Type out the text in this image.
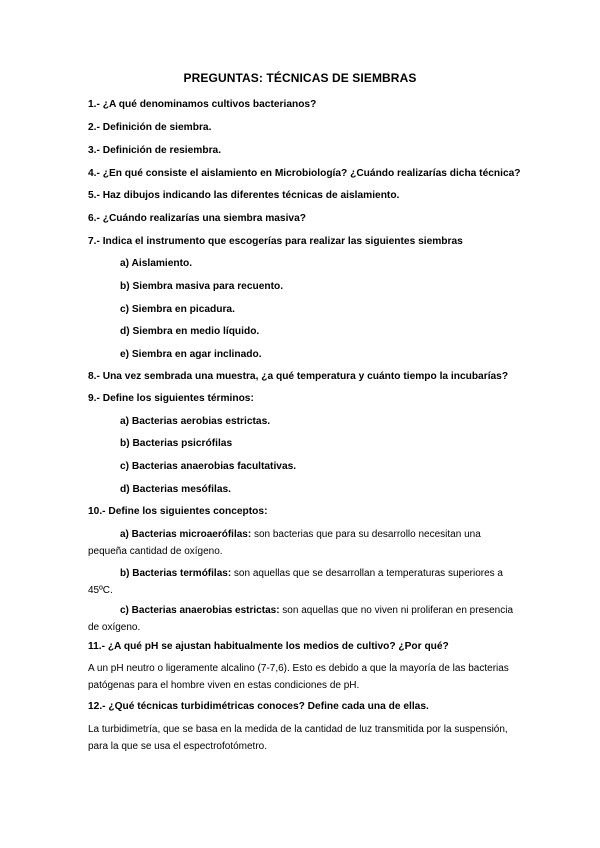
PREGUNTAS: TÉCNICAS DE SIEMBRAS
1.- ¿A qué denominamos cultivos bacterianos?
2.- Definición de siembra.
3.- Definición de resiembra.
4.- ¿En qué consiste el aislamiento en Microbiología? ¿Cuándo realizarías dicha técnica?
5.- Haz dibujos indicando las diferentes técnicas de aislamiento.
6.- ¿Cuándo realizarías una siembra masiva?
7.- Indica el instrumento que escogerías para realizar las siguientes siembras
a) Aislamiento.
b) Siembra masiva para recuento.
c) Siembra en picadura.
d) Siembra en medio líquido.
e) Siembra en agar inclinado.
8.- Una vez sembrada una muestra, ¿a qué temperatura y cuánto tiempo la incubarías?
9.- Define los siguientes términos:
a) Bacterias aerobias estrictas.
b) Bacterias psicrófilas
c) Bacterias anaerobias facultativas.
d) Bacterias mesófilas.
10.- Define los siguientes conceptos:
a) Bacterias microaerófilas: son bacterias que para su desarrollo necesitan una pequeña cantidad de oxígeno.
b) Bacterias termófilas: son aquellas que se desarrollan a temperaturas superiores a 45ºC.
c) Bacterias anaerobias estrictas: son aquellas que no viven ni proliferan en presencia de oxígeno.
11.- ¿A qué pH se ajustan habitualmente los medios de cultivo? ¿Por qué?
A un pH neutro o ligeramente alcalino (7-7,6). Esto es debido a que la mayoría de las bacterias patógenas para el hombre viven en estas condiciones de pH.
12.- ¿Qué técnicas turbidimétricas conoces? Define cada una de ellas.
La turbidimetría, que se basa en la medida de la cantidad de luz transmitida por la suspensión, para la que se usa el espectrofotómetro.
